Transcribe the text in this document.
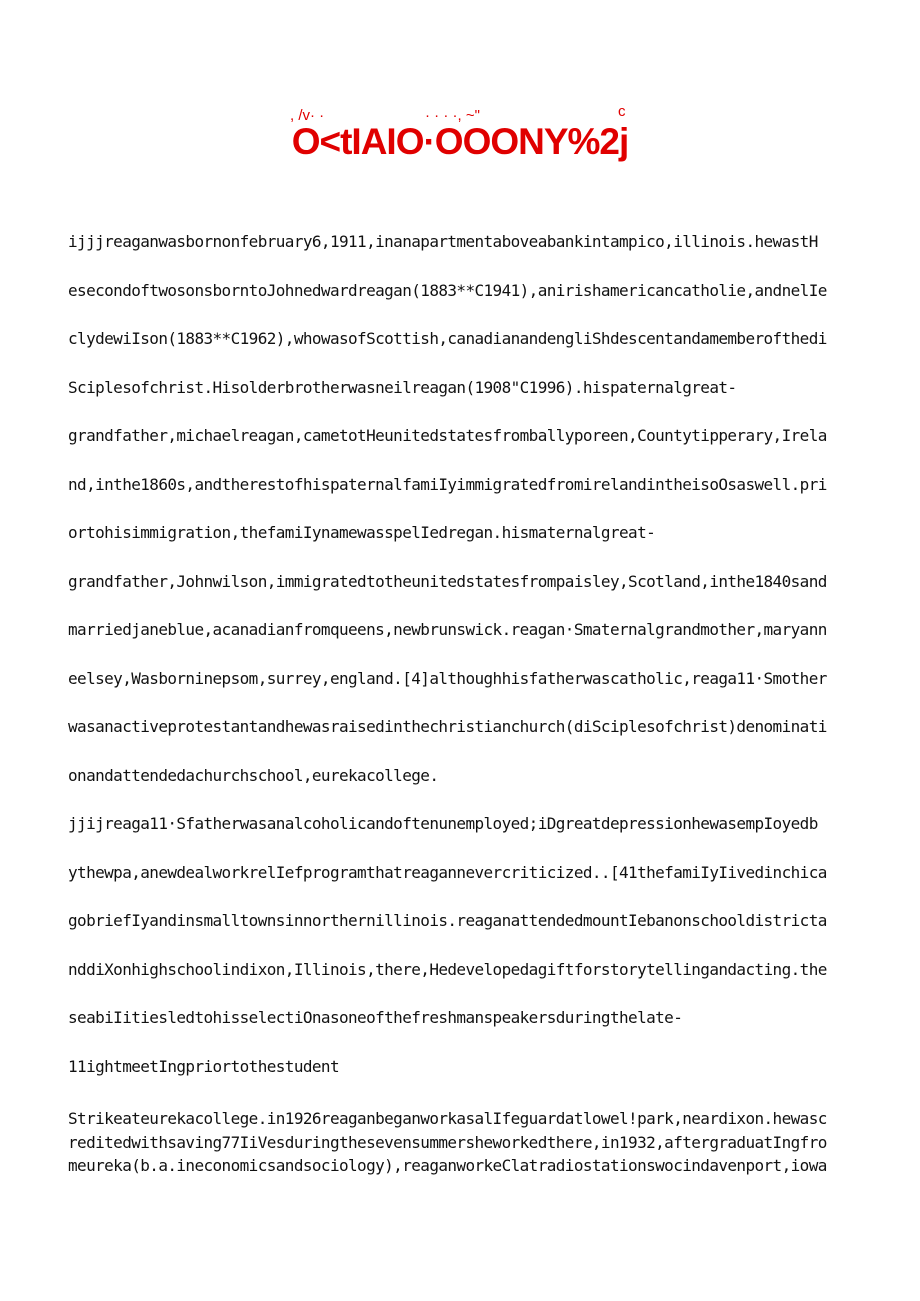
, /v· ·	· · · ·, ~"	c
O<tIAIO·OOONY%2j

ijjjreaganwasbornonfebruary6,1911,inanapartmentaboveabankintampico,illinois.hewastH

esecondoftwosonsborntoJohnedwardreagan(1883**C1941),anirishamericancatholie,andnelIe

clydewiIson(1883**C1962),whowasofScottish,canadianandengliShdescentandamemberofthedi

Sciplesofchrist.Hisolderbrotherwasneilreagan(1908"C1996).hispaternalgreat-

grandfather,michaelreagan,cametotHeunitedstatesfromballyporeen,Countytipperary,Irela

nd,inthe1860s,andtherestofhispaternalfamiIyimmigratedfromirelandintheisoOsaswell.pri

ortohisimmigration,thefamiIynamewasspelIedregan.hismaternalgreat-

grandfather,Johnwilson,immigratedtotheunitedstatesfrompaisley,Scotland,inthe1840sand

marriedjaneblue,acanadianfromqueens,newbrunswick.reagan·Smaternalgrandmother,maryann

eelsey,Wasborninepsom,surrey,england.[4]althoughhisfatherwascatholic,reaga11·Smother

wasanactiveprotestantandhewasraisedinthechristianchurch(diSciplesofchrist)denominati

onandattendedachurchschool,eurekacollege.

jjijreaga11·Sfatherwasanalcoholicandoftenunemployed;iDgreatdepressionhewasempIoyedb

ythewpa,anewdealworkrelIefprogramthatreagannevercriticized..[41thefamiIyIivedinchica

gobriefIyandinsmalltownsinnorthernillinois.reaganattendedmountIebanonschooldistricta

nddiXonhighschoolindixon,Illinois,there,Hedevelopedagiftforstorytellingandacting.the

seabiIitiesledtohisselectiOnasoneofthefreshmanspeakersduringthelate-

11ightmeetIngpriortothestudent

Strikeateurekacollege.in1926reaganbeganworkasalIfeguardatlowel!park,neardixon.hewasc

reditedwithsaving77IiVesduringthesevensummersheworkedthere,in1932,aftergraduatIngfro

meureka(b.a.ineconomicsandsociology),reaganworkeClatradiostationswocindavenport,iowa
